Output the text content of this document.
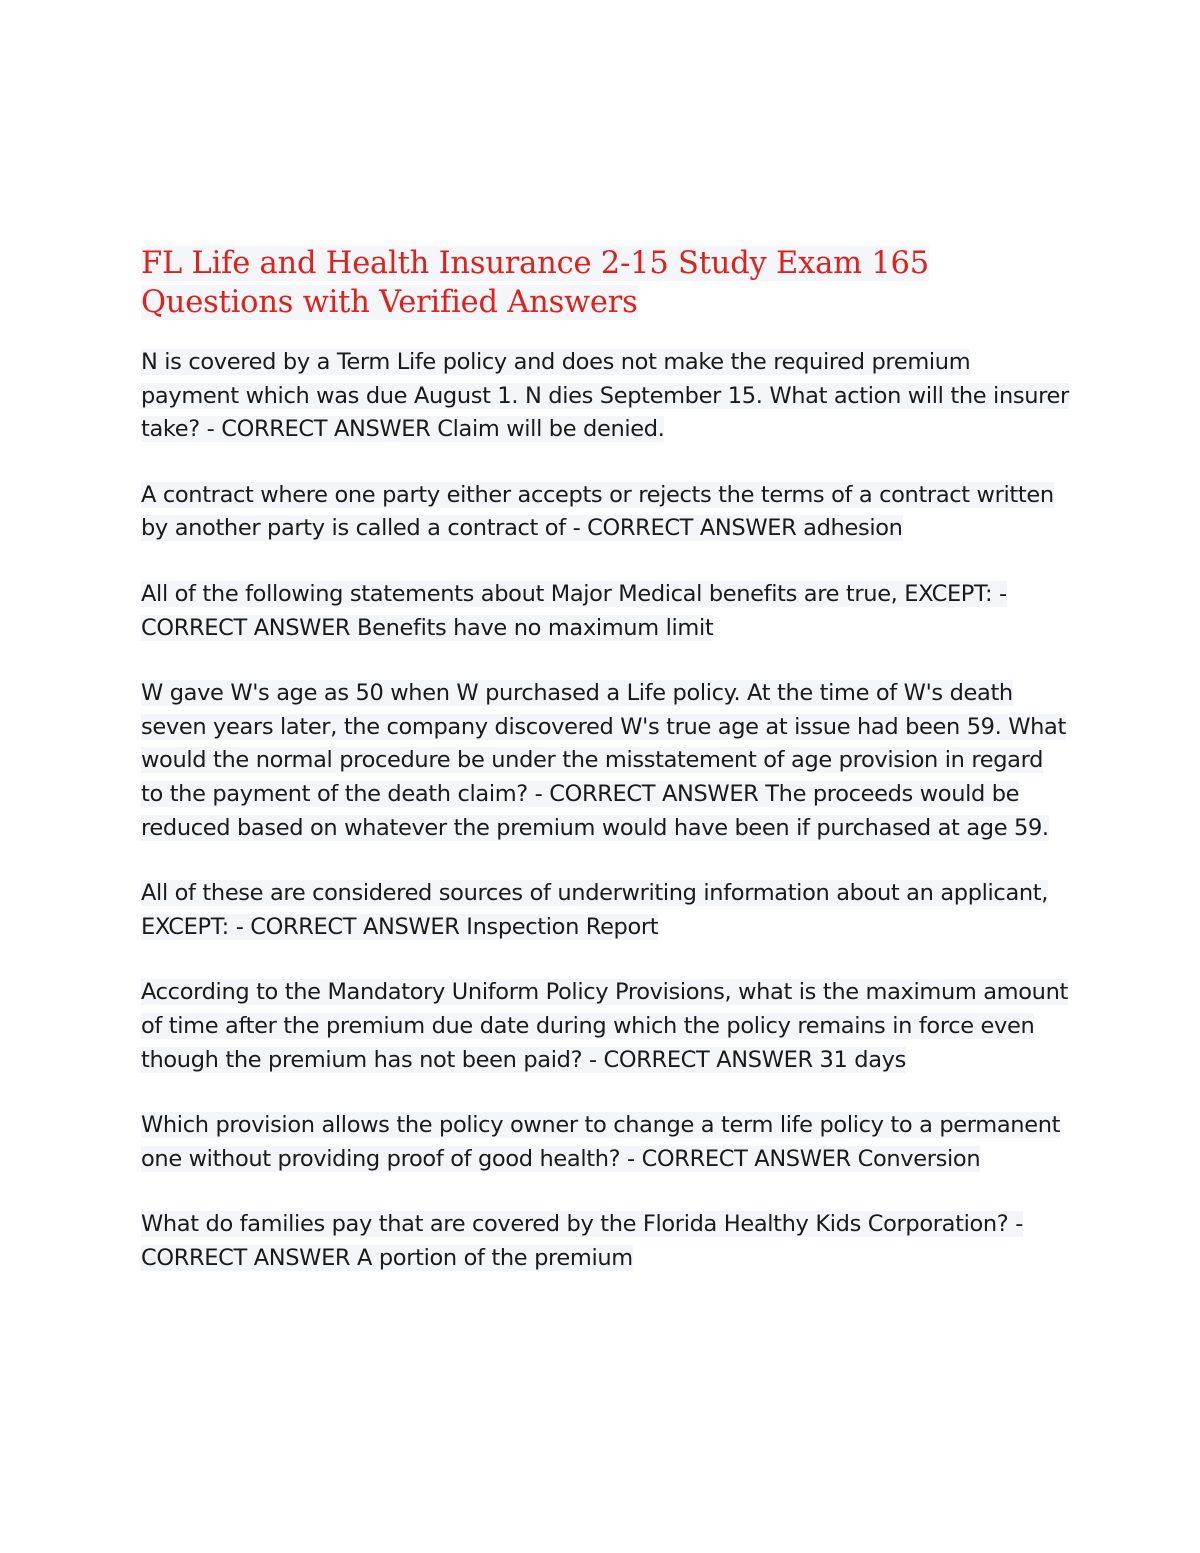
FL Life and Health Insurance 2-15 Study Exam 165
Questions with Verified Answers

N is covered by a Term Life policy and does not make the required premium payment which was due August 1. N dies September 15. What action will the insurer take? - CORRECT ANSWER Claim will be denied.

A contract where one party either accepts or rejects the terms of a contract written by another party is called a contract of - CORRECT ANSWER adhesion

All of the following statements about Major Medical benefits are true, EXCEPT: - CORRECT ANSWER Benefits have no maximum limit

W gave W's age as 50 when W purchased a Life policy. At the time of W's death seven years later, the company discovered W's true age at issue had been 59. What would the normal procedure be under the misstatement of age provision in regard to the payment of the death claim? - CORRECT ANSWER The proceeds would be reduced based on whatever the premium would have been if purchased at age 59.

All of these are considered sources of underwriting information about an applicant, EXCEPT: - CORRECT ANSWER Inspection Report

According to the Mandatory Uniform Policy Provisions, what is the maximum amount of time after the premium due date during which the policy remains in force even though the premium has not been paid? - CORRECT ANSWER 31 days

Which provision allows the policy owner to change a term life policy to a permanent one without providing proof of good health? - CORRECT ANSWER Conversion

What do families pay that are covered by the Florida Healthy Kids Corporation? - CORRECT ANSWER A portion of the premium
